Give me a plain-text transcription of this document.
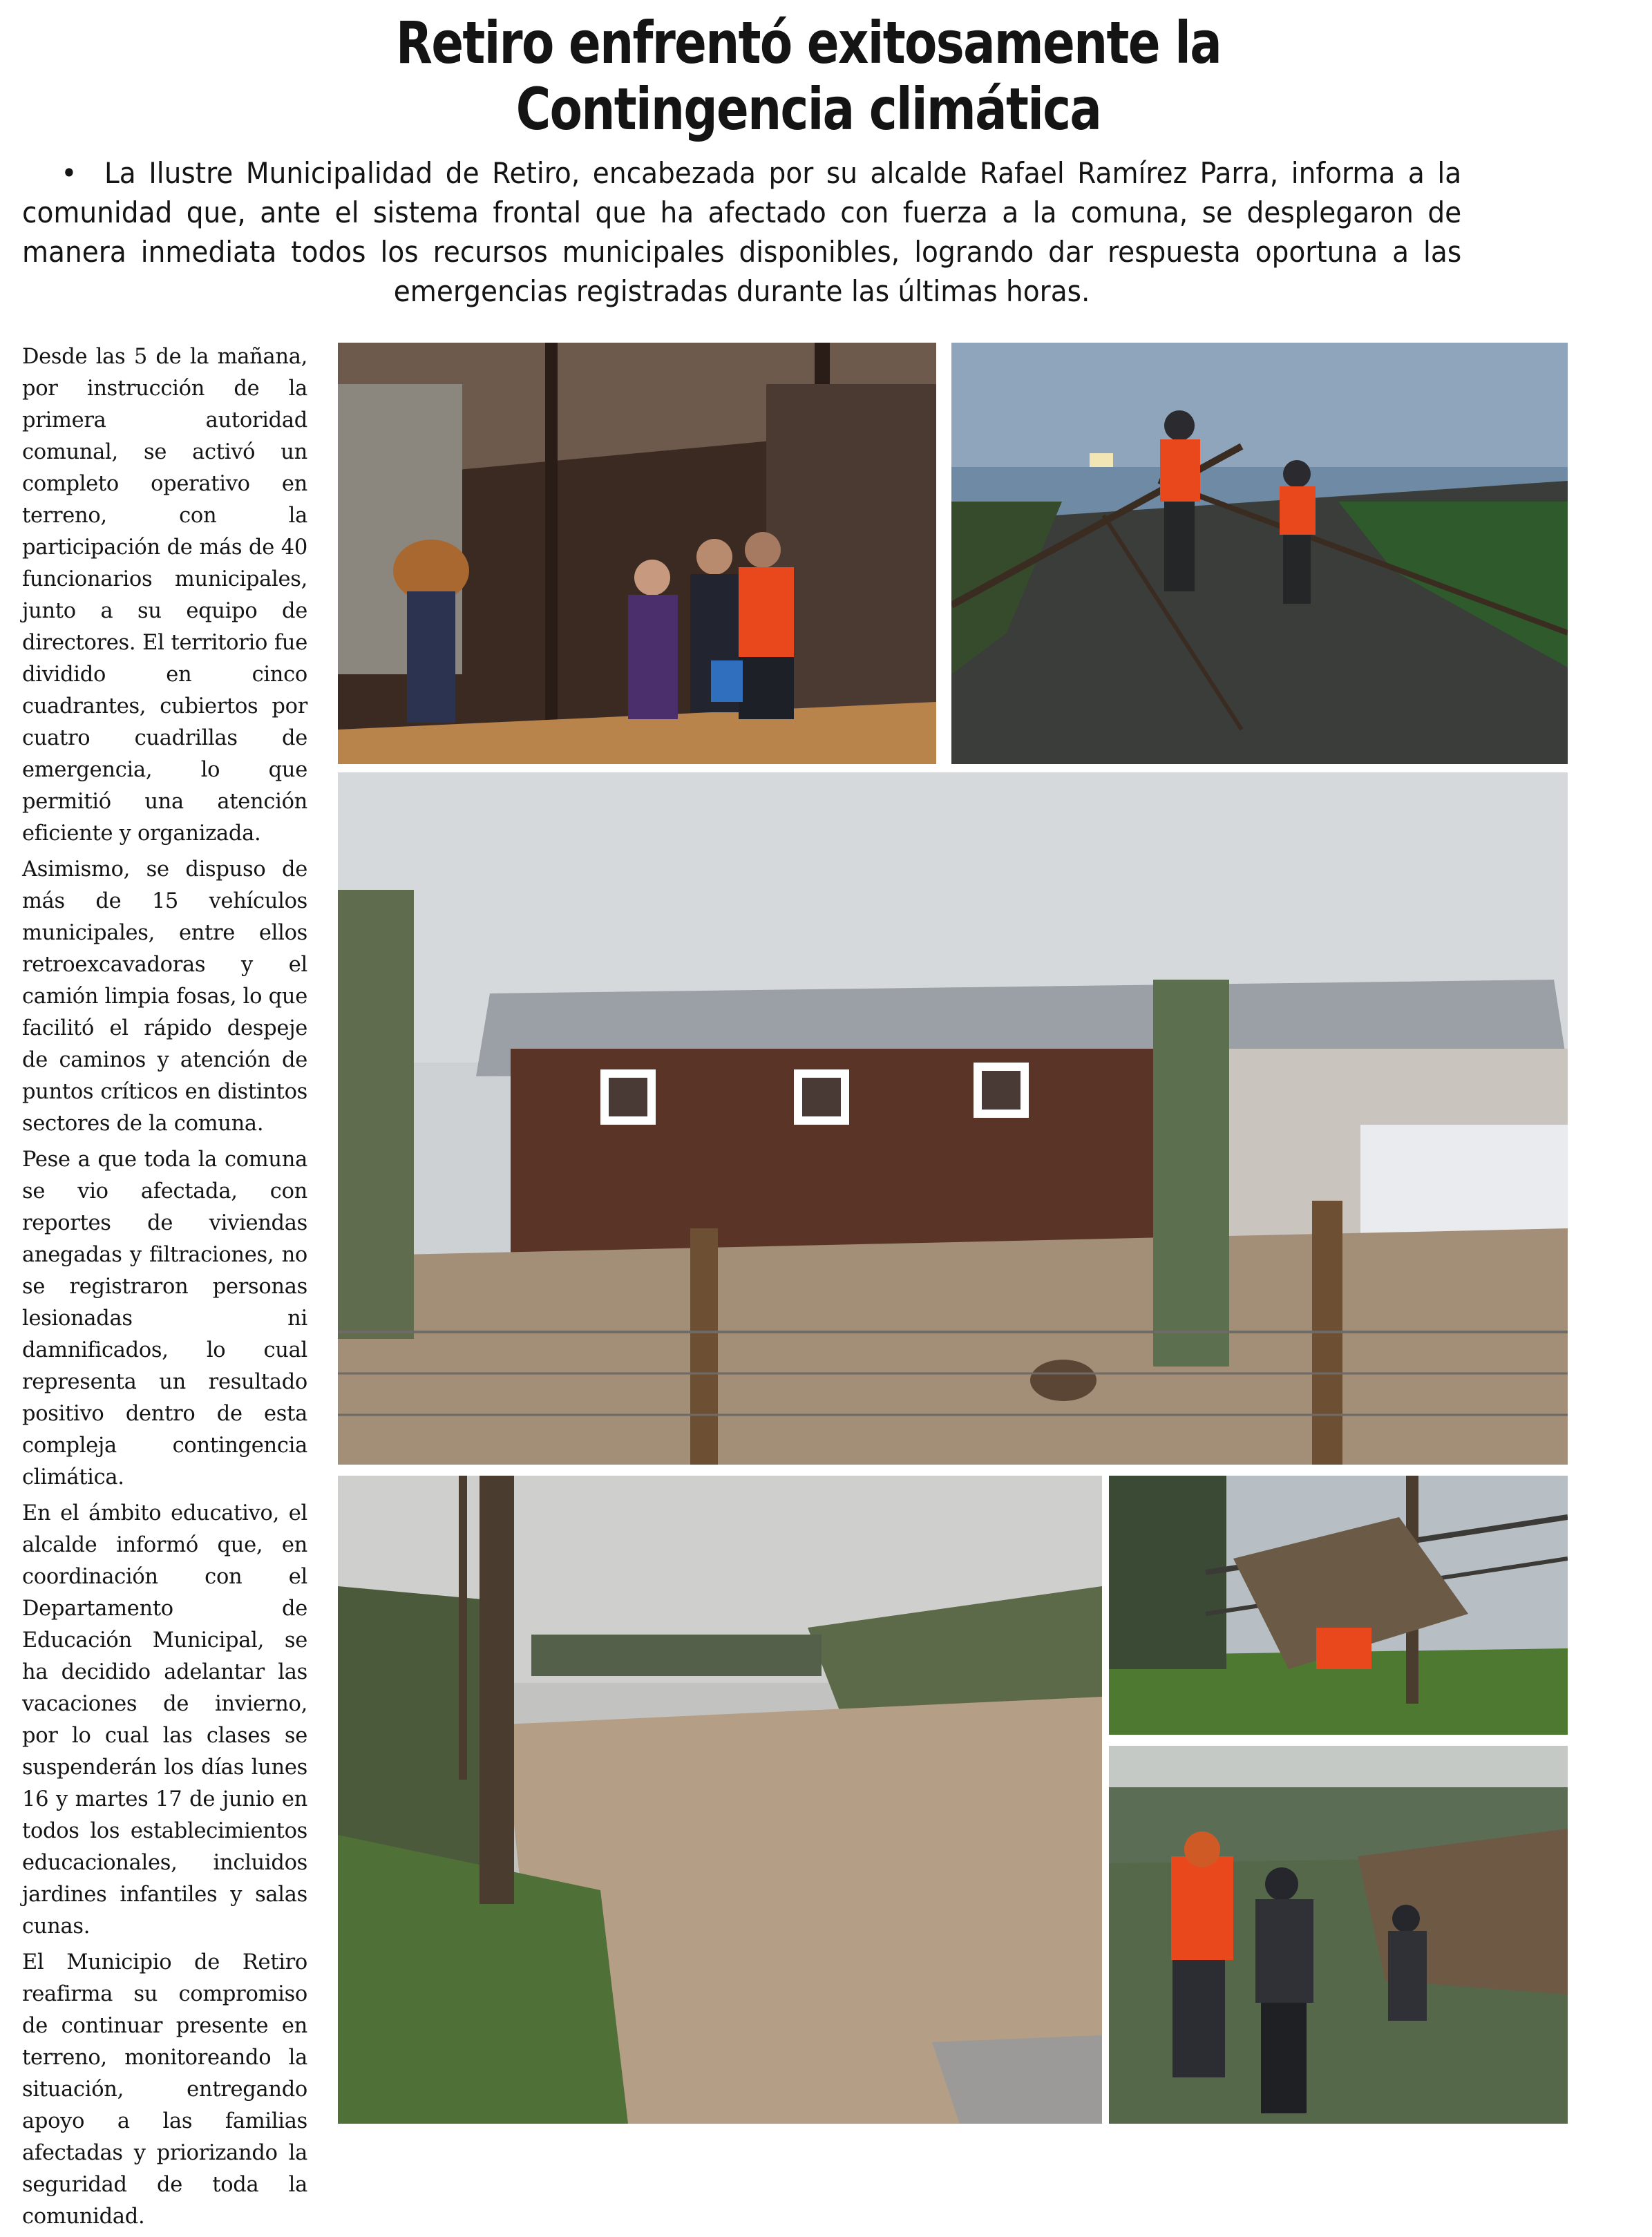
Retiro enfrentó exitosamente la
Contingencia climática

• La Ilustre Municipalidad de Retiro, encabezada por su alcalde Rafael Ramírez Parra, informa a la comunidad que, ante el sistema frontal que ha afectado con fuerza a la comuna, se desplegaron de manera inmediata todos los recursos municipales disponibles, logrando dar respuesta oportuna a las emergencias registradas durante las últimas horas.

Desde las 5 de la mañana, por instrucción de la primera autoridad comunal, se activó un completo operativo en terreno, con la participación de más de 40 funcionarios municipales, junto a su equipo de directores. El territorio fue dividido en cinco cuadrantes, cubiertos por cuatro cuadrillas de emergencia, lo que permitió una atención eficiente y organizada.

Asimismo, se dispuso de más de 15 vehículos municipales, entre ellos retroexcavadoras y el camión limpia fosas, lo que facilitó el rápido despeje de caminos y atención de puntos críticos en distintos sectores de la comuna.

Pese a que toda la comuna se vio afectada, con reportes de viviendas anegadas y filtraciones, no se registraron personas lesionadas ni damnificados, lo cual representa un resultado positivo dentro de esta compleja contingencia climática.

En el ámbito educativo, el alcalde informó que, en coordinación con el Departamento de Educación Municipal, se ha decidido adelantar las vacaciones de invierno, por lo cual las clases se suspenderán los días lunes 16 y martes 17 de junio en todos los establecimientos educacionales, incluidos jardines infantiles y salas cunas.

El Municipio de Retiro reafirma su compromiso de continuar presente en terreno, monitoreando la situación, entregando apoyo a las familias afectadas y priorizando la seguridad de toda la comunidad.
